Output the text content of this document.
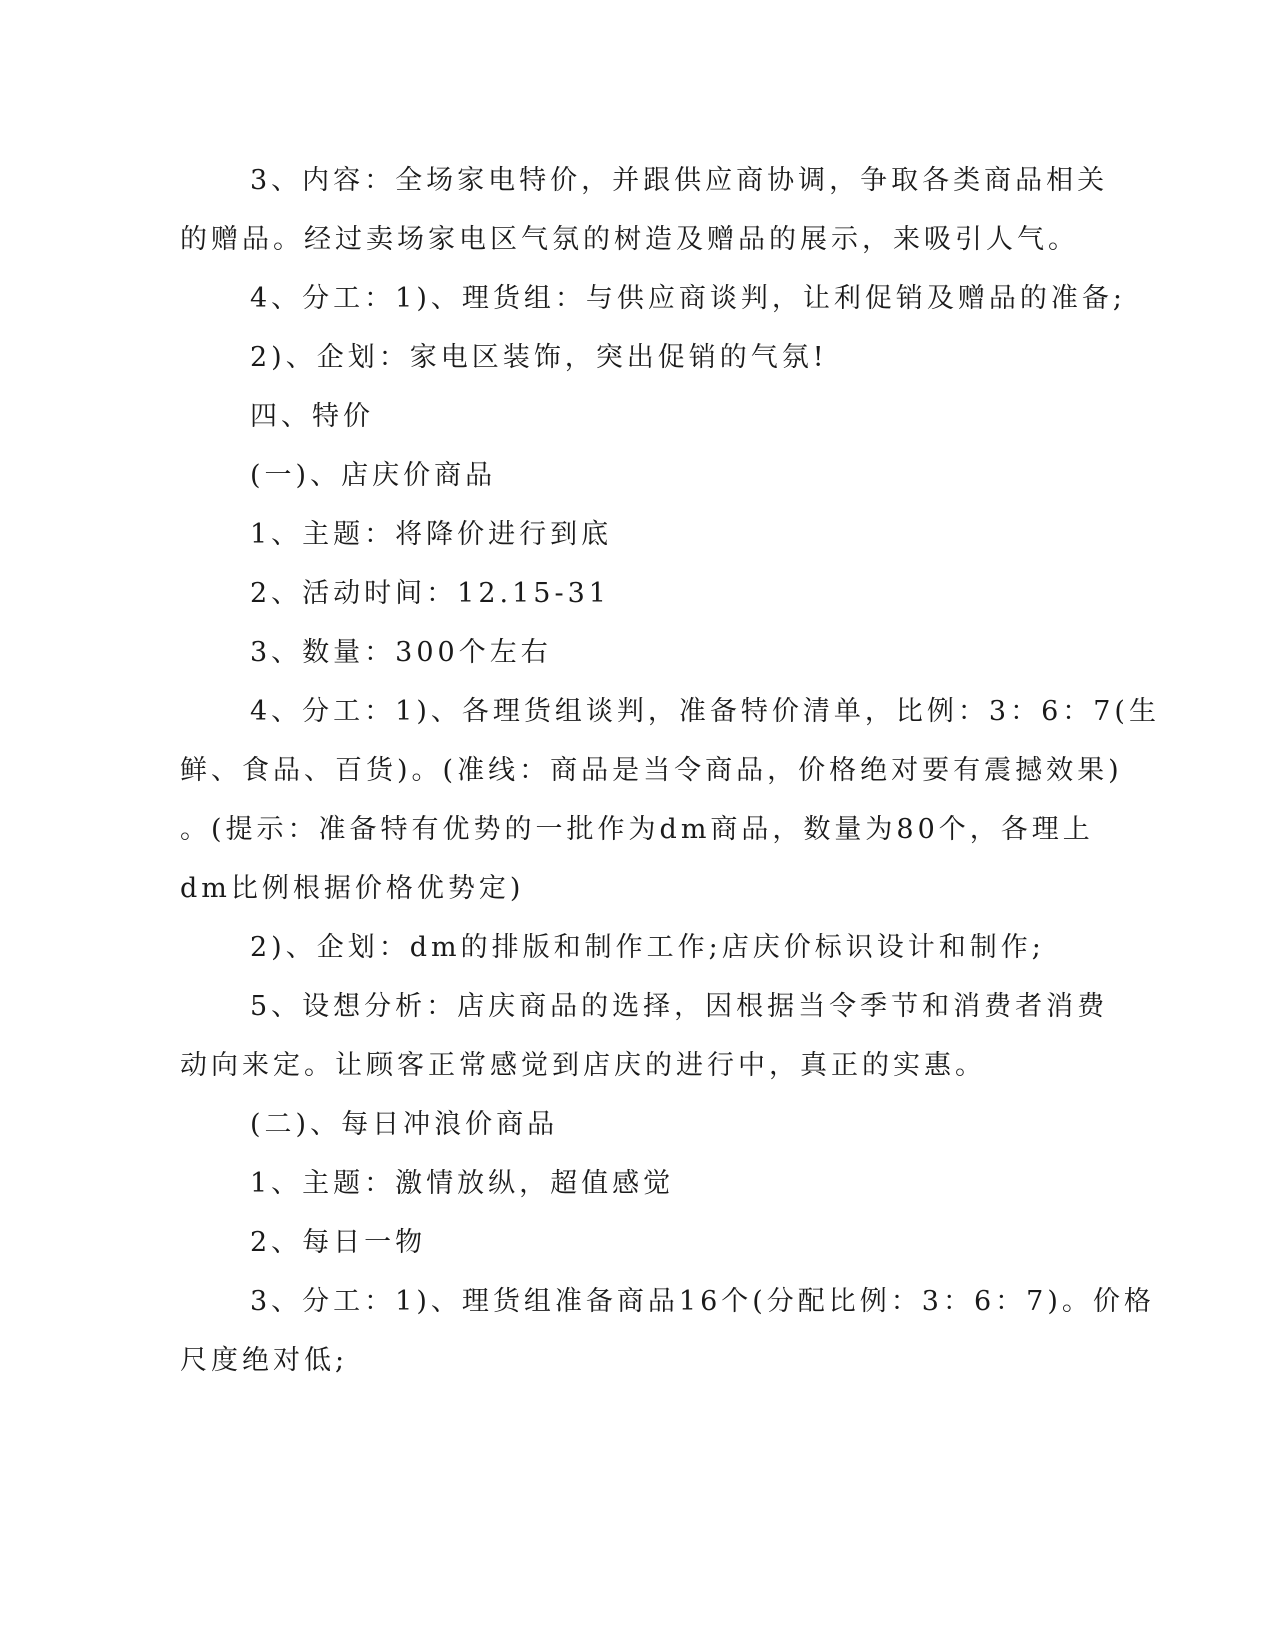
3、内容：全场家电特价，并跟供应商协调，争取各类商品相关
的赠品。经过卖场家电区气氛的树造及赠品的展示，来吸引人气。
4、分工：1)、理货组：与供应商谈判，让利促销及赠品的准备;
2)、企划：家电区装饰，突出促销的气氛!
四、特价
(一)、店庆价商品
1、主题：将降价进行到底
2、活动时间：12.15-31
3、数量：300个左右
4、分工：1)、各理货组谈判，准备特价清单，比例：3：6：7(生
鲜、食品、百货)。(准线：商品是当令商品，价格绝对要有震撼效果)
。(提示：准备特有优势的一批作为dm商品，数量为80个，各理上
dm比例根据价格优势定)
2)、企划：dm的排版和制作工作;店庆价标识设计和制作;
5、设想分析：店庆商品的选择，因根据当令季节和消费者消费
动向来定。让顾客正常感觉到店庆的进行中，真正的实惠。
(二)、每日冲浪价商品
1、主题：激情放纵，超值感觉
2、每日一物
3、分工：1)、理货组准备商品16个(分配比例：3：6：7)。价格
尺度绝对低;
